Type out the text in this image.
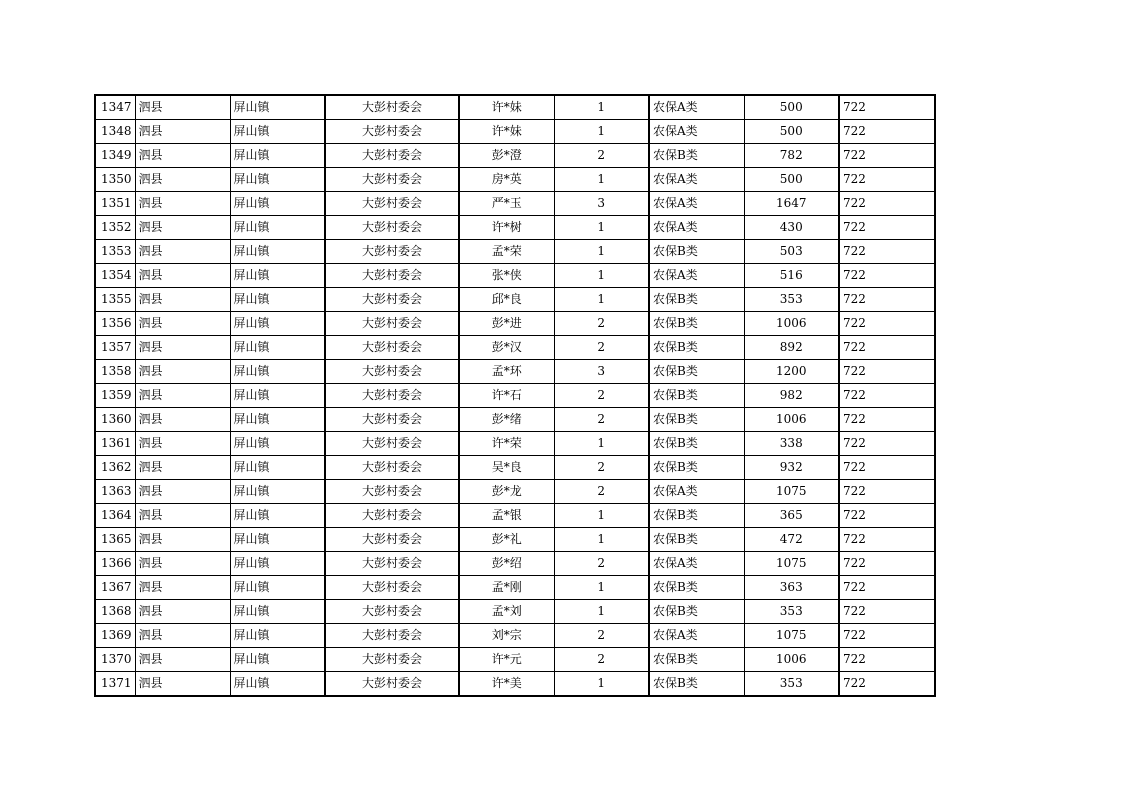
1347	泗县	屏山镇	大彭村委会	许*妹	1	农保A类	500	722
1348	泗县	屏山镇	大彭村委会	许*妹	1	农保A类	500	722
1349	泗县	屏山镇	大彭村委会	彭*澄	2	农保B类	782	722
1350	泗县	屏山镇	大彭村委会	房*英	1	农保A类	500	722
1351	泗县	屏山镇	大彭村委会	严*玉	3	农保A类	1647	722
1352	泗县	屏山镇	大彭村委会	许*树	1	农保A类	430	722
1353	泗县	屏山镇	大彭村委会	孟*荣	1	农保B类	503	722
1354	泗县	屏山镇	大彭村委会	张*侠	1	农保A类	516	722
1355	泗县	屏山镇	大彭村委会	邱*良	1	农保B类	353	722
1356	泗县	屏山镇	大彭村委会	彭*进	2	农保B类	1006	722
1357	泗县	屏山镇	大彭村委会	彭*汉	2	农保B类	892	722
1358	泗县	屏山镇	大彭村委会	孟*环	3	农保B类	1200	722
1359	泗县	屏山镇	大彭村委会	许*石	2	农保B类	982	722
1360	泗县	屏山镇	大彭村委会	彭*绪	2	农保B类	1006	722
1361	泗县	屏山镇	大彭村委会	许*荣	1	农保B类	338	722
1362	泗县	屏山镇	大彭村委会	吴*良	2	农保B类	932	722
1363	泗县	屏山镇	大彭村委会	彭*龙	2	农保A类	1075	722
1364	泗县	屏山镇	大彭村委会	孟*银	1	农保B类	365	722
1365	泗县	屏山镇	大彭村委会	彭*礼	1	农保B类	472	722
1366	泗县	屏山镇	大彭村委会	彭*绍	2	农保A类	1075	722
1367	泗县	屏山镇	大彭村委会	孟*刚	1	农保B类	363	722
1368	泗县	屏山镇	大彭村委会	孟*刘	1	农保B类	353	722
1369	泗县	屏山镇	大彭村委会	刘*宗	2	农保A类	1075	722
1370	泗县	屏山镇	大彭村委会	许*元	2	农保B类	1006	722
1371	泗县	屏山镇	大彭村委会	许*美	1	农保B类	353	722
